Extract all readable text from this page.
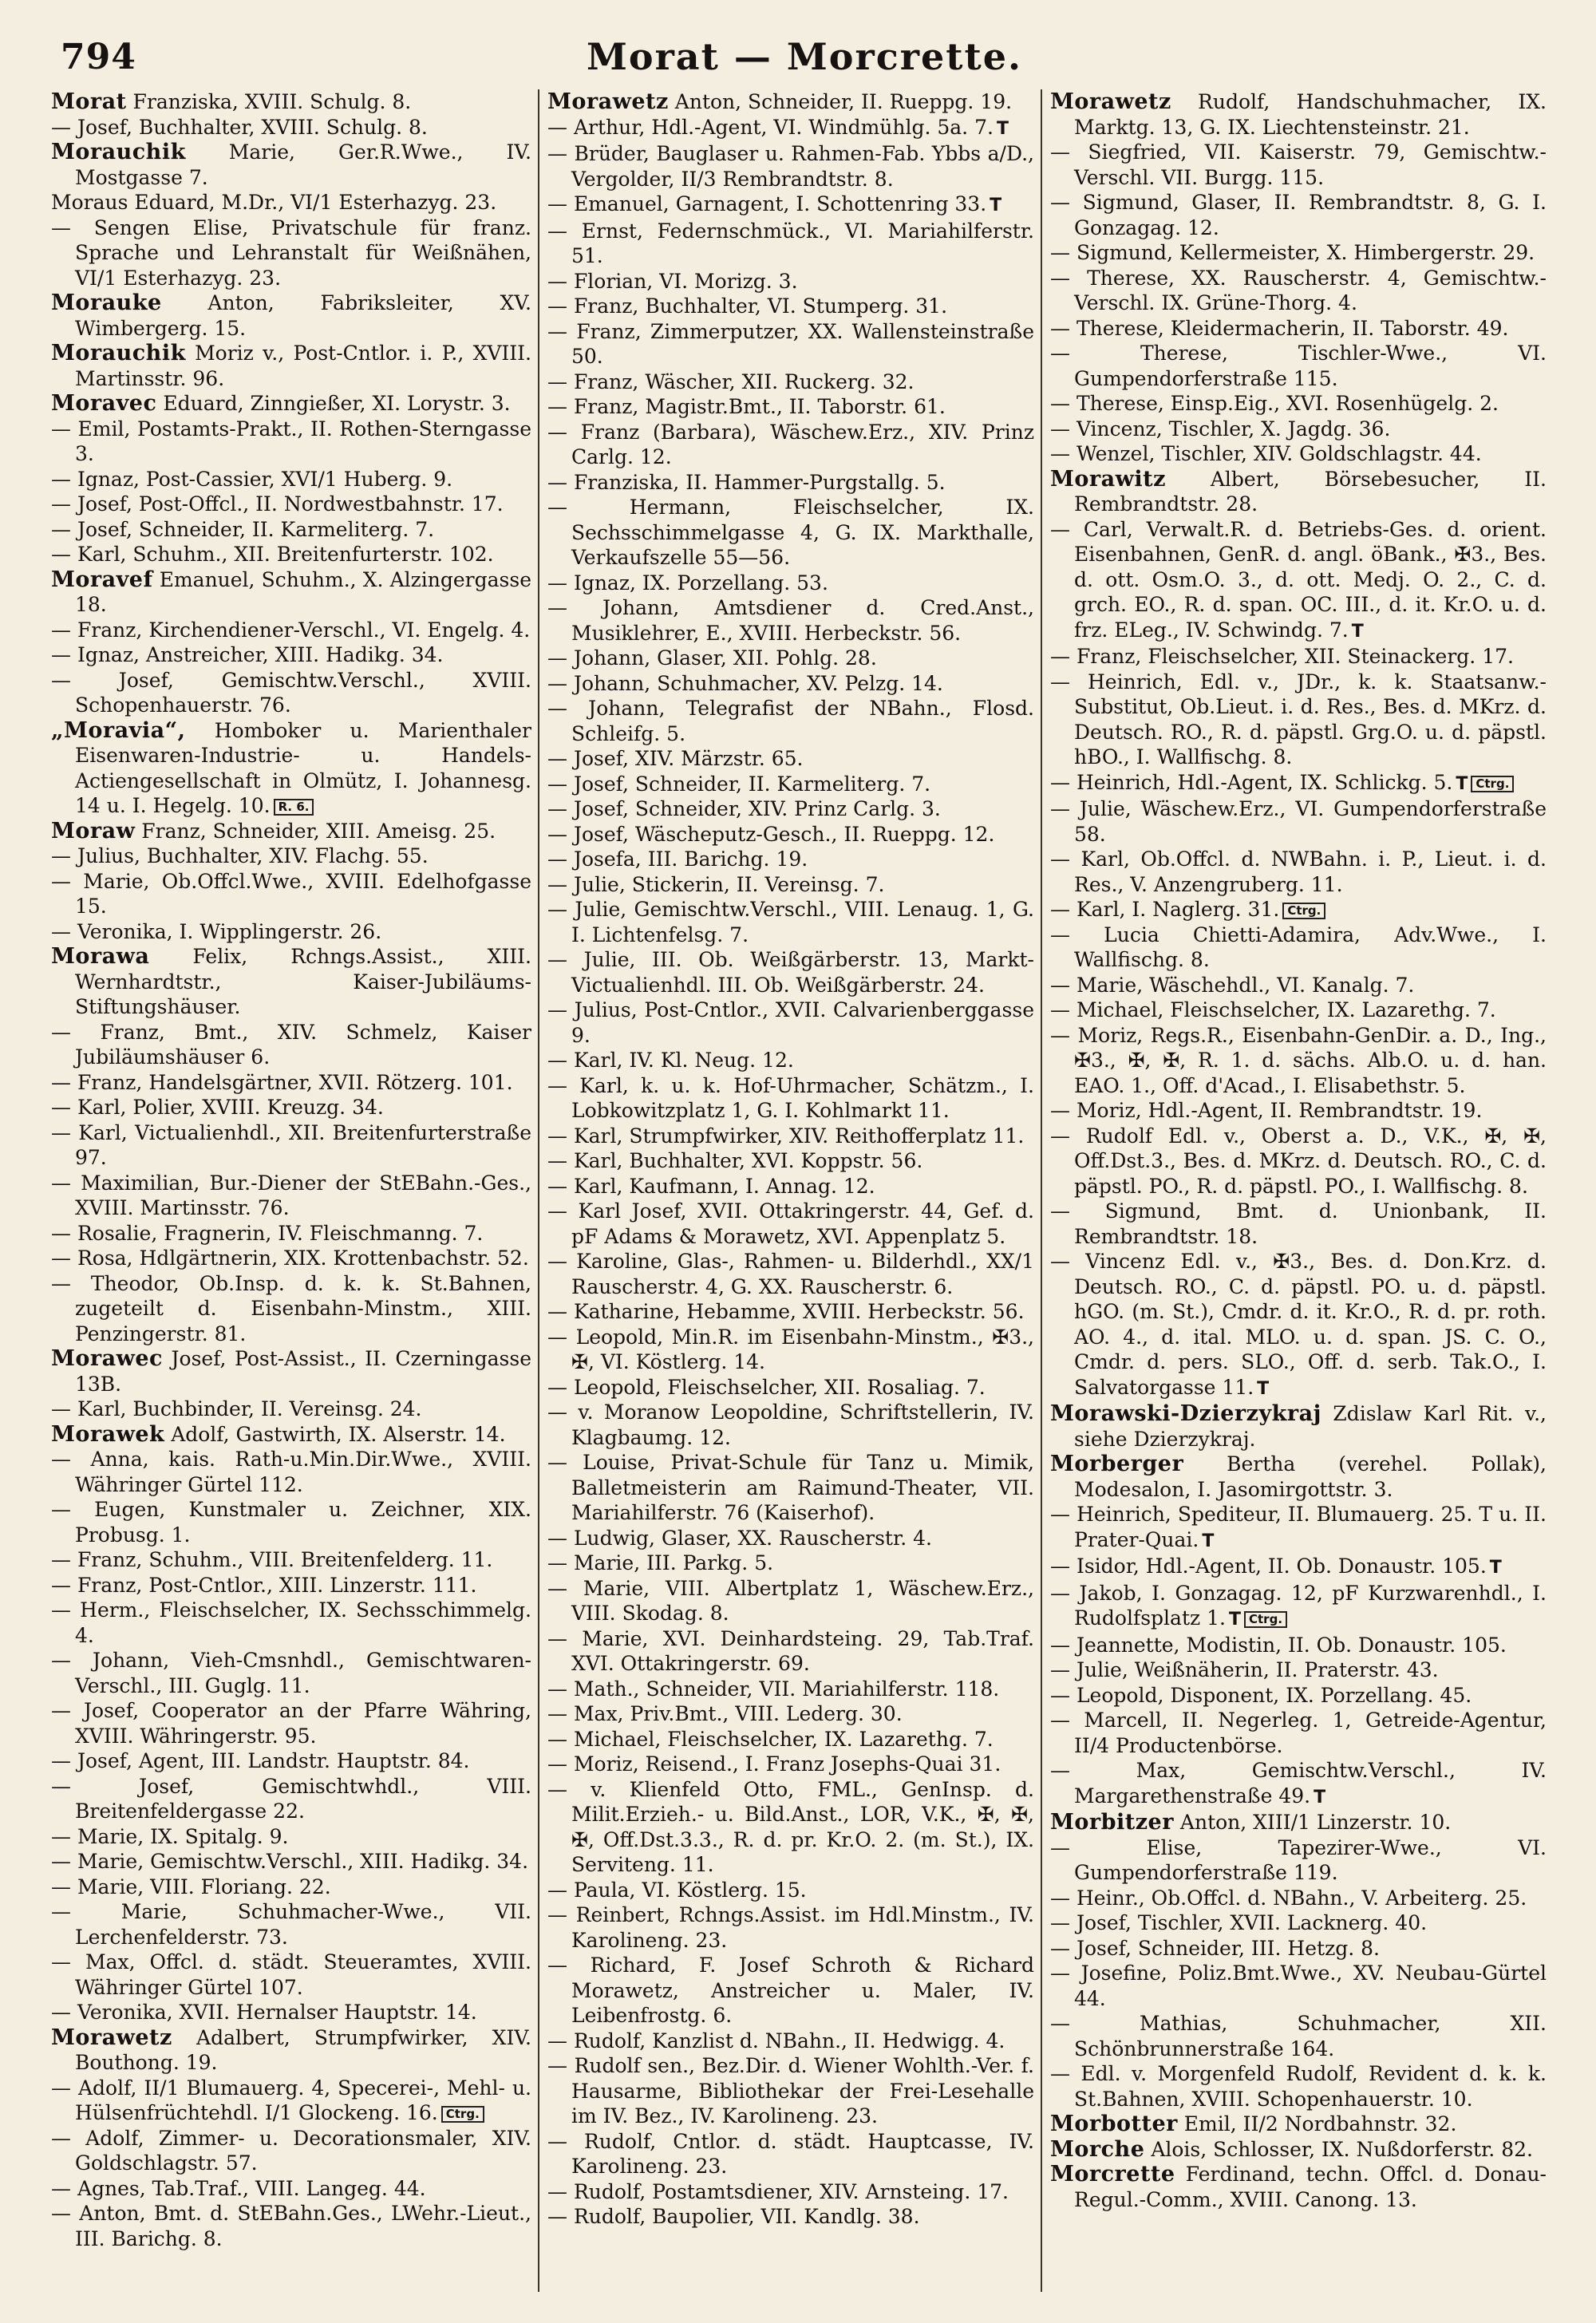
794	Morat — Morcrette.
Morat Franziska, XVIII. Schulg. 8.
— Josef, Buchhalter, XVIII. Schulg. 8.
Morauchik Marie, Ger.R.Wwe., IV. Mostgasse 7.
Moraus Eduard, M.Dr., VI/1 Esterhazyg. 23.
— Sengen Elise, Privatschule für franz. Sprache und Lehranstalt für Weißnähen, VI/1 Esterhazyg. 23.
Morauke Anton, Fabriksleiter, XV. Wimbergerg. 15.
Morauchik Moriz v., Post-Cntlor. i. P., XVIII. Martinsstr. 96.
Moravec Eduard, Zinngießer, XI. Lorystr. 3.
— Emil, Postamts-Prakt., II. Rothen-Sterngasse 3.
— Ignaz, Post-Cassier, XVI/1 Huberg. 9.
— Josef, Post-Offcl., II. Nordwestbahnstr. 17.
— Josef, Schneider, II. Karmeliterg. 7.
— Karl, Schuhm., XII. Breitenfurterstr. 102.
Moravef Emanuel, Schuhm., X. Alzingergasse 18.
— Franz, Kirchendiener-Verschl., VI. Engelg. 4.
— Ignaz, Anstreicher, XIII. Hadikg. 34.
— Josef, Gemischtw.Verschl., XVIII. Schopenhauerstr. 76.
„Moravia“, Homboker u. Marienthaler Eisenwaren-Industrie- u. Handels-Actiengesellschaft in Olmütz, I. Johannesg. 14 u. I. Hegelg. 10. R. 6.
Moraw Franz, Schneider, XIII. Ameisg. 25.
— Julius, Buchhalter, XIV. Flachg. 55.
— Marie, Ob.Offcl.Wwe., XVIII. Edelhofgasse 15.
— Veronika, I. Wipplingerstr. 26.
Morawa Felix, Rchngs.Assist., XIII. Wernhardtstr., Kaiser-Jubiläums-Stiftungshäuser.
— Franz, Bmt., XIV. Schmelz, Kaiser Jubiläumshäuser 6.
— Franz, Handelsgärtner, XVII. Rötzerg. 101.
— Karl, Polier, XVIII. Kreuzg. 34.
— Karl, Victualienhdl., XII. Breitenfurterstraße 97.
— Maximilian, Bur.-Diener der StEBahn.-Ges., XVIII. Martinsstr. 76.
— Rosalie, Fragnerin, IV. Fleischmanng. 7.
— Rosa, Hdlgärtnerin, XIX. Krottenbachstr. 52.
— Theodor, Ob.Insp. d. k. k. St.Bahnen, zugeteilt d. Eisenbahn-Minstm., XIII. Penzingerstr. 81.
Morawec Josef, Post-Assist., II. Czerningasse 13B.
— Karl, Buchbinder, II. Vereinsg. 24.
Morawek Adolf, Gastwirth, IX. Alserstr. 14.
— Anna, kais. Rath-u.Min.Dir.Wwe., XVIII. Währinger Gürtel 112.
— Eugen, Kunstmaler u. Zeichner, XIX. Probusg. 1.
— Franz, Schuhm., VIII. Breitenfelderg. 11.
— Franz, Post-Cntlor., XIII. Linzerstr. 111.
— Herm., Fleischselcher, IX. Sechsschimmelg. 4.
— Johann, Vieh-Cmsnhdl., Gemischtwaren-Verschl., III. Guglg. 11.
— Josef, Cooperator an der Pfarre Währing, XVIII. Währingerstr. 95.
— Josef, Agent, III. Landstr. Hauptstr. 84.
— Josef, Gemischtwhdl., VIII. Breitenfeldergasse 22.
— Marie, IX. Spitalg. 9.
— Marie, Gemischtw.Verschl., XIII. Hadikg. 34.
— Marie, VIII. Floriang. 22.
— Marie, Schuhmacher-Wwe., VII. Lerchenfelderstr. 73.
— Max, Offcl. d. städt. Steueramtes, XVIII. Währinger Gürtel 107.
— Veronika, XVII. Hernalser Hauptstr. 14.
Morawetz Adalbert, Strumpfwirker, XIV. Bouthong. 19.
— Adolf, II/1 Blumauerg. 4, Specerei-, Mehl- u. Hülsenfrüchtehdl. I/1 Glockeng. 16. Ctrg.
— Adolf, Zimmer- u. Decorationsmaler, XIV. Goldschlagstr. 57.
— Agnes, Tab.Traf., VIII. Langeg. 44.
— Anton, Bmt. d. StEBahn.Ges., LWehr.-Lieut., III. Barichg. 8.
Morawetz Anton, Schneider, II. Rueppg. 19.
— Arthur, Hdl.-Agent, VI. Windmühlg. 5a. 7. T
— Brüder, Bauglaser u. Rahmen-Fab. Ybbs a/D., Vergolder, II/3 Rembrandtstr. 8.
— Emanuel, Garnagent, I. Schottenring 33. T
— Ernst, Federnschmück., VI. Mariahilferstr. 51.
— Florian, VI. Morizg. 3.
— Franz, Buchhalter, VI. Stumperg. 31.
— Franz, Zimmerputzer, XX. Wallensteinstraße 50.
— Franz, Wäscher, XII. Ruckerg. 32.
— Franz, Magistr.Bmt., II. Taborstr. 61.
— Franz (Barbara), Wäschew.Erz., XIV. Prinz Carlg. 12.
— Franziska, II. Hammer-Purgstallg. 5.
— Hermann, Fleischselcher, IX. Sechsschimmelgasse 4, G. IX. Markthalle, Verkaufszelle 55—56.
— Ignaz, IX. Porzellang. 53.
— Johann, Amtsdiener d. Cred.Anst., Musiklehrer, E., XVIII. Herbeckstr. 56.
— Johann, Glaser, XII. Pohlg. 28.
— Johann, Schuhmacher, XV. Pelzg. 14.
— Johann, Telegrafist der NBahn., Flosd. Schleifg. 5.
— Josef, XIV. Märzstr. 65.
— Josef, Schneider, II. Karmeliterg. 7.
— Josef, Schneider, XIV. Prinz Carlg. 3.
— Josef, Wäscheputz-Gesch., II. Rueppg. 12.
— Josefa, III. Barichg. 19.
— Julie, Stickerin, II. Vereinsg. 7.
— Julie, Gemischtw.Verschl., VIII. Lenaug. 1, G. I. Lichtenfelsg. 7.
— Julie, III. Ob. Weißgärberstr. 13, Markt-Victualienhdl. III. Ob. Weißgärberstr. 24.
— Julius, Post-Cntlor., XVII. Calvarienberggasse 9.
— Karl, IV. Kl. Neug. 12.
— Karl, k. u. k. Hof-Uhrmacher, Schätzm., I. Lobkowitzplatz 1, G. I. Kohlmarkt 11.
— Karl, Strumpfwirker, XIV. Reithofferplatz 11.
— Karl, Buchhalter, XVI. Koppstr. 56.
— Karl, Kaufmann, I. Annag. 12.
— Karl Josef, XVII. Ottakringerstr. 44, Gef. d. pF Adams & Morawetz, XVI. Appenplatz 5.
— Karoline, Glas-, Rahmen- u. Bilderhdl., XX/1 Rauscherstr. 4, G. XX. Rauscherstr. 6.
— Katharine, Hebamme, XVIII. Herbeckstr. 56.
— Leopold, Min.R. im Eisenbahn-Minstm., ✠3., ✠, VI. Köstlerg. 14.
— Leopold, Fleischselcher, XII. Rosaliag. 7.
— v. Moranow Leopoldine, Schriftstellerin, IV. Klagbaumg. 12.
— Louise, Privat-Schule für Tanz u. Mimik, Balletmeisterin am Raimund-Theater, VII. Mariahilferstr. 76 (Kaiserhof).
— Ludwig, Glaser, XX. Rauscherstr. 4.
— Marie, III. Parkg. 5.
— Marie, VIII. Albertplatz 1, Wäschew.Erz., VIII. Skodag. 8.
— Marie, XVI. Deinhardsteing. 29, Tab.Traf. XVI. Ottakringerstr. 69.
— Math., Schneider, VII. Mariahilferstr. 118.
— Max, Priv.Bmt., VIII. Lederg. 30.
— Michael, Fleischselcher, IX. Lazarethg. 7.
— Moriz, Reisend., I. Franz Josephs-Quai 31.
— v. Klienfeld Otto, FML., GenInsp. d. Milit.Erzieh.- u. Bild.Anst., LOR, V.K., ✠, ✠, ✠, Off.Dst.3.3., R. d. pr. Kr.O. 2. (m. St.), IX. Serviteng. 11.
— Paula, VI. Köstlerg. 15.
— Reinbert, Rchngs.Assist. im Hdl.Minstm., IV. Karolineng. 23.
— Richard, F. Josef Schroth & Richard Morawetz, Anstreicher u. Maler, IV. Leibenfrostg. 6.
— Rudolf, Kanzlist d. NBahn., II. Hedwigg. 4.
— Rudolf sen., Bez.Dir. d. Wiener Wohlth.-Ver. f. Hausarme, Bibliothekar der Frei-Lesehalle im IV. Bez., IV. Karolineng. 23.
— Rudolf, Cntlor. d. städt. Hauptcasse, IV. Karolineng. 23.
— Rudolf, Postamtsdiener, XIV. Arnsteing. 17.
— Rudolf, Baupolier, VII. Kandlg. 38.
Morawetz Rudolf, Handschuhmacher, IX. Marktg. 13, G. IX. Liechtensteinstr. 21.
— Siegfried, VII. Kaiserstr. 79, Gemischtw.-Verschl. VII. Burgg. 115.
— Sigmund, Glaser, II. Rembrandtstr. 8, G. I. Gonzagag. 12.
— Sigmund, Kellermeister, X. Himbergerstr. 29.
— Therese, XX. Rauscherstr. 4, Gemischtw.-Verschl. IX. Grüne-Thorg. 4.
— Therese, Kleidermacherin, II. Taborstr. 49.
— Therese, Tischler-Wwe., VI. Gumpendorferstraße 115.
— Therese, Einsp.Eig., XVI. Rosenhügelg. 2.
— Vincenz, Tischler, X. Jagdg. 36.
— Wenzel, Tischler, XIV. Goldschlagstr. 44.
Morawitz Albert, Börsebesucher, II. Rembrandtstr. 28.
— Carl, Verwalt.R. d. Betriebs-Ges. d. orient. Eisenbahnen, GenR. d. angl. öBank., ✠3., Bes. d. ott. Osm.O. 3., d. ott. Medj. O. 2., C. d. grch. EO., R. d. span. OC. III., d. it. Kr.O. u. d. frz. ELeg., IV. Schwindg. 7. T
— Franz, Fleischselcher, XII. Steinackerg. 17.
— Heinrich, Edl. v., JDr., k. k. Staatsanw.-Substitut, Ob.Lieut. i. d. Res., Bes. d. MKrz. d. Deutsch. RO., R. d. päpstl. Grg.O. u. d. päpstl. hBO., I. Wallfischg. 8.
— Heinrich, Hdl.-Agent, IX. Schlickg. 5. T Ctrg.
— Julie, Wäschew.Erz., VI. Gumpendorferstraße 58.
— Karl, Ob.Offcl. d. NWBahn. i. P., Lieut. i. d. Res., V. Anzengruberg. 11.
— Karl, I. Naglerg. 31. Ctrg.
— Lucia Chietti-Adamira, Adv.Wwe., I. Wallfischg. 8.
— Marie, Wäschehdl., VI. Kanalg. 7.
— Michael, Fleischselcher, IX. Lazarethg. 7.
— Moriz, Regs.R., Eisenbahn-GenDir. a. D., Ing., ✠3., ✠, ✠, R. 1. d. sächs. Alb.O. u. d. han. EAO. 1., Off. d'Acad., I. Elisabethstr. 5.
— Moriz, Hdl.-Agent, II. Rembrandtstr. 19.
— Rudolf Edl. v., Oberst a. D., V.K., ✠, ✠, Off.Dst.3., Bes. d. MKrz. d. Deutsch. RO., C. d. päpstl. PO., R. d. päpstl. PO., I. Wallfischg. 8.
— Sigmund, Bmt. d. Unionbank, II. Rembrandtstr. 18.
— Vincenz Edl. v., ✠3., Bes. d. Don.Krz. d. Deutsch. RO., C. d. päpstl. PO. u. d. päpstl. hGO. (m. St.), Cmdr. d. it. Kr.O., R. d. pr. roth. AO. 4., d. ital. MLO. u. d. span. JS. C. O., Cmdr. d. pers. SLO., Off. d. serb. Tak.O., I. Salvatorgasse 11. T
Morawski-Dzierzykraj Zdislaw Karl Rit. v., siehe Dzierzykraj.
Morberger Bertha (verehel. Pollak), Modesalon, I. Jasomirgottstr. 3.
— Heinrich, Spediteur, II. Blumauerg. 25. T u. II. Prater-Quai. T
— Isidor, Hdl.-Agent, II. Ob. Donaustr. 105. T
— Jakob, I. Gonzagag. 12, pF Kurzwarenhdl., I. Rudolfsplatz 1. T Ctrg.
— Jeannette, Modistin, II. Ob. Donaustr. 105.
— Julie, Weißnäherin, II. Praterstr. 43.
— Leopold, Disponent, IX. Porzellang. 45.
— Marcell, II. Negerleg. 1, Getreide-Agentur, II/4 Productenbörse.
— Max, Gemischtw.Verschl., IV. Margarethenstraße 49. T
Morbitzer Anton, XIII/1 Linzerstr. 10.
— Elise, Tapezirer-Wwe., VI. Gumpendorferstraße 119.
— Heinr., Ob.Offcl. d. NBahn., V. Arbeiterg. 25.
— Josef, Tischler, XVII. Lacknerg. 40.
— Josef, Schneider, III. Hetzg. 8.
— Josefine, Poliz.Bmt.Wwe., XV. Neubau-Gürtel 44.
— Mathias, Schuhmacher, XII. Schönbrunnerstraße 164.
— Edl. v. Morgenfeld Rudolf, Revident d. k. k. St.Bahnen, XVIII. Schopenhauerstr. 10.
Morbotter Emil, II/2 Nordbahnstr. 32.
Morche Alois, Schlosser, IX. Nußdorferstr. 82.
Morcrette Ferdinand, techn. Offcl. d. Donau-Regul.-Comm., XVIII. Canong. 13.
